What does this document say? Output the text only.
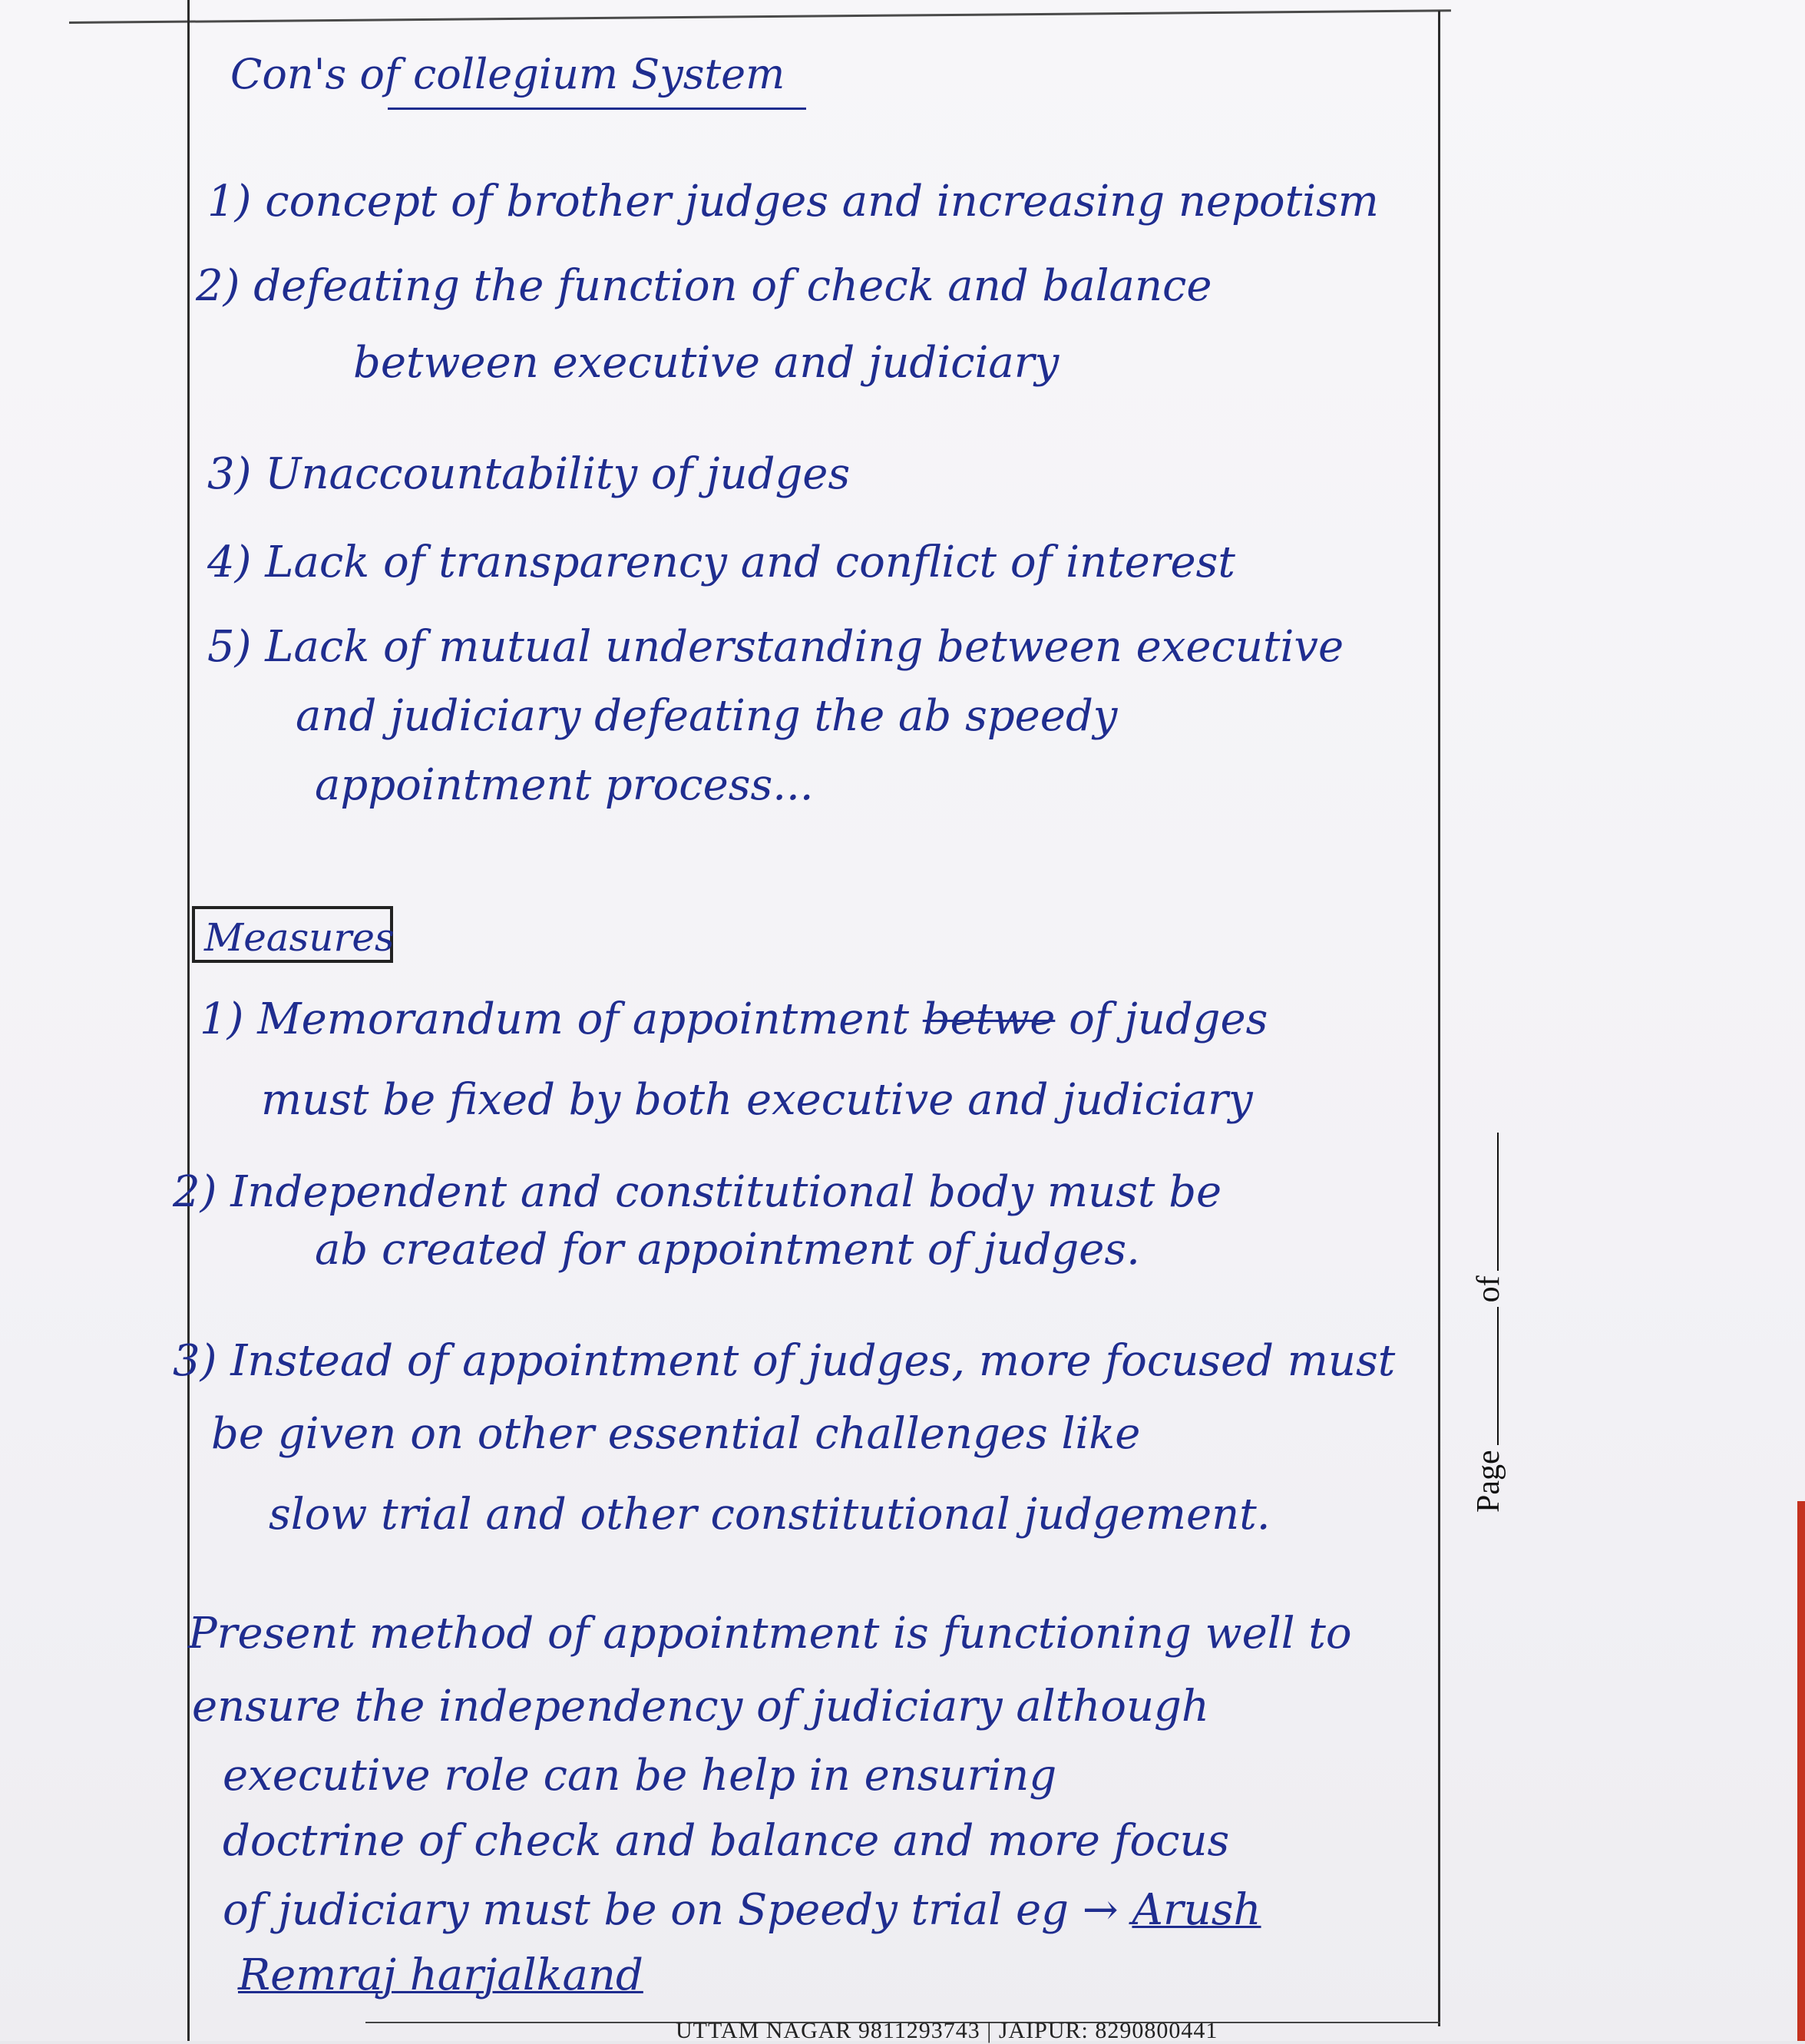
Con's of collegium System
1) concept of brother judges and increasing nepotism
2) defeating the function of check and balance
between executive and judiciary
3) Unaccountability of judges
4) Lack of transparency and conflict of interest
5) Lack of mutual understanding between executive
and judiciary defeating the ab speedy
appointment process...
Measures
1) Memorandum of appointment betwe of judges
must be fixed by both executive and judiciary
2) Independent and constitutional body must be
ab created for appointment of judges.
3) Instead of appointment of judges, more focused must
be given on other essential challenges like
slow trial and other constitutional judgement.
Present method of appointment is functioning well to
ensure the independency of judiciary although
executive role can be help in ensuring
doctrine of check and balance and more focus
of judiciary must be on Speedy trial eg → Arush
Remraj harjalkand
Pageof
UTTAM NAGAR 9811293743 | JAIPUR: 8290800441
